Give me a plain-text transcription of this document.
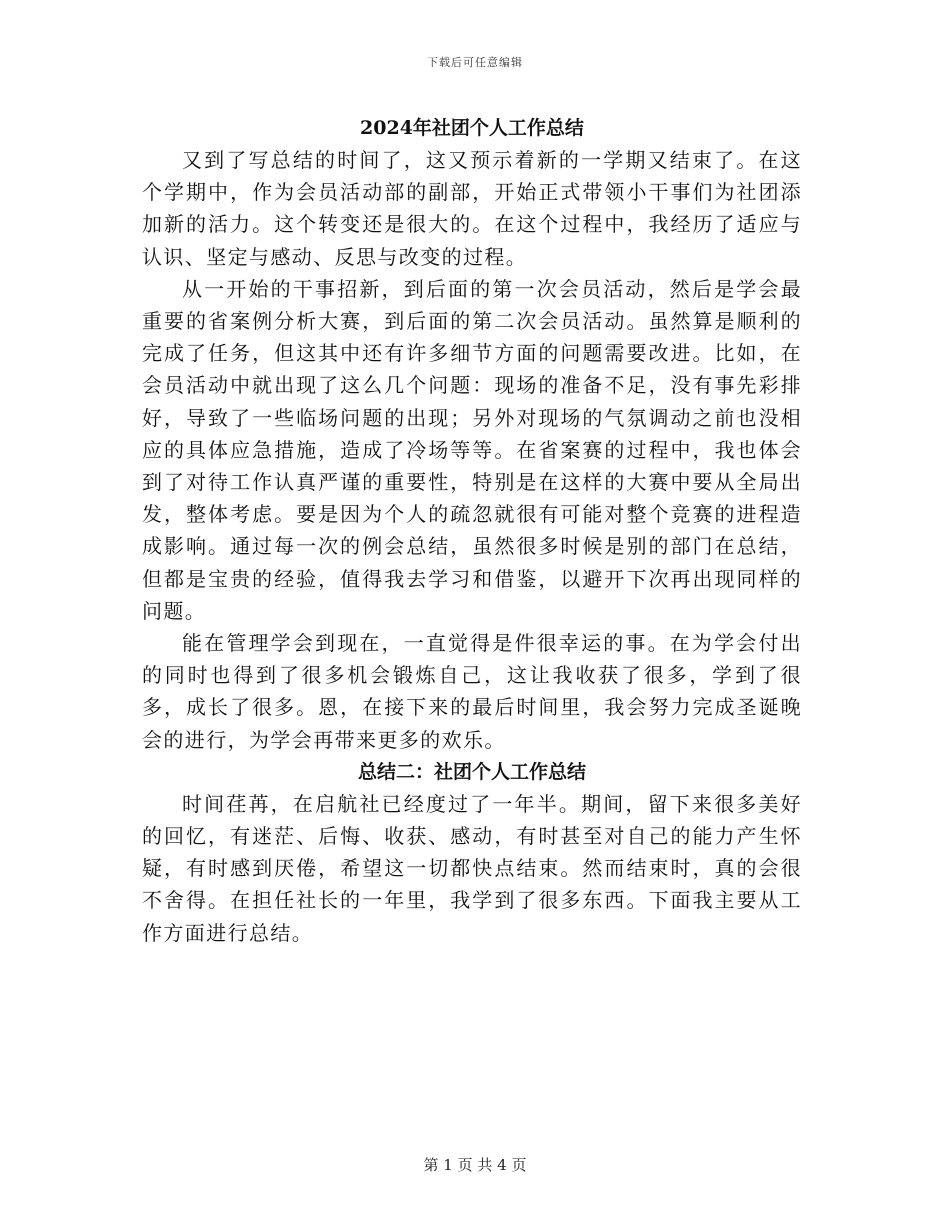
下载后可任意编辑
2024年社团个人工作总结

又到了写总结的时间了，这又预示着新的一学期又结束了。在这个学期中，作为会员活动部的副部，开始正式带领小干事们为社团添加新的活力。这个转变还是很大的。在这个过程中，我经历了适应与认识、坚定与感动、反思与改变的过程。

从一开始的干事招新，到后面的第一次会员活动，然后是学会最重要的省案例分析大赛，到后面的第二次会员活动。虽然算是顺利的完成了任务，但这其中还有许多细节方面的问题需要改进。比如，在会员活动中就出现了这么几个问题：现场的准备不足，没有事先彩排好，导致了一些临场问题的出现；另外对现场的气氛调动之前也没相应的具体应急措施，造成了冷场等等。在省案赛的过程中，我也体会到了对待工作认真严谨的重要性，特别是在这样的大赛中要从全局出发，整体考虑。要是因为个人的疏忽就很有可能对整个竞赛的进程造成影响。通过每一次的例会总结，虽然很多时候是别的部门在总结，但都是宝贵的经验，值得我去学习和借鉴，以避开下次再出现同样的问题。

能在管理学会到现在，一直觉得是件很幸运的事。在为学会付出的同时也得到了很多机会锻炼自己，这让我收获了很多，学到了很多，成长了很多。恩，在接下来的最后时间里，我会努力完成圣诞晚会的进行，为学会再带来更多的欢乐。

总结二：社团个人工作总结

时间荏苒，在启航社已经度过了一年半。期间，留下来很多美好的回忆，有迷茫、后悔、收获、感动，有时甚至对自己的能力产生怀疑，有时感到厌倦，希望这一切都快点结束。然而结束时，真的会很不舍得。在担任社长的一年里，我学到了很多东西。下面我主要从工作方面进行总结。

第 1 页 共 4 页
